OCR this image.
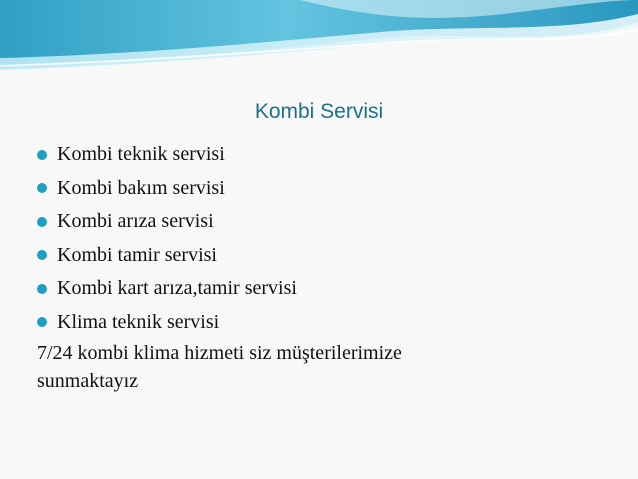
Kombi Servisi
Kombi teknik servisi
Kombi bakım servisi
Kombi arıza servisi
Kombi tamir servisi
Kombi kart arıza,tamir servisi
Klima teknik servisi

7/24 kombi klima hizmeti siz müşterilerimize
sunmaktayız
